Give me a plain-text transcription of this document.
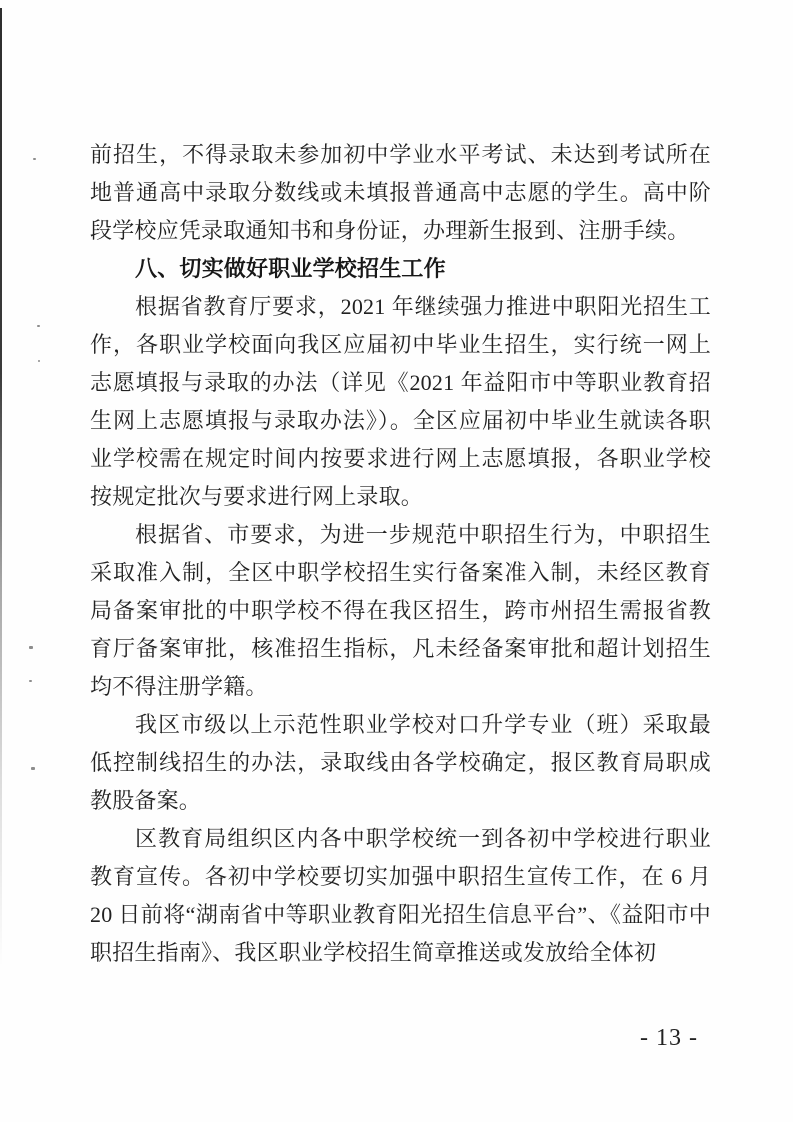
前招生，不得录取未参加初中学业水平考试、未达到考试所在地普通高中录取分数线或未填报普通高中志愿的学生。高中阶段学校应凭录取通知书和身份证，办理新生报到、注册手续。

八、切实做好职业学校招生工作

根据省教育厅要求，2021 年继续强力推进中职阳光招生工作，各职业学校面向我区应届初中毕业生招生，实行统一网上志愿填报与录取的办法（详见《2021 年益阳市中等职业教育招生网上志愿填报与录取办法》）。全区应届初中毕业生就读各职业学校需在规定时间内按要求进行网上志愿填报，各职业学校按规定批次与要求进行网上录取。

根据省、市要求，为进一步规范中职招生行为，中职招生采取准入制，全区中职学校招生实行备案准入制，未经区教育局备案审批的中职学校不得在我区招生，跨市州招生需报省教育厅备案审批，核准招生指标，凡未经备案审批和超计划招生均不得注册学籍。

我区市级以上示范性职业学校对口升学专业（班）采取最低控制线招生的办法，录取线由各学校确定，报区教育局职成教股备案。

区教育局组织区内各中职学校统一到各初中学校进行职业教育宣传。各初中学校要切实加强中职招生宣传工作，在 6 月 20 日前将“湖南省中等职业教育阳光招生信息平台”、《益阳市中职招生指南》、我区职业学校招生简章推送或发放给全体初

- 13 -
